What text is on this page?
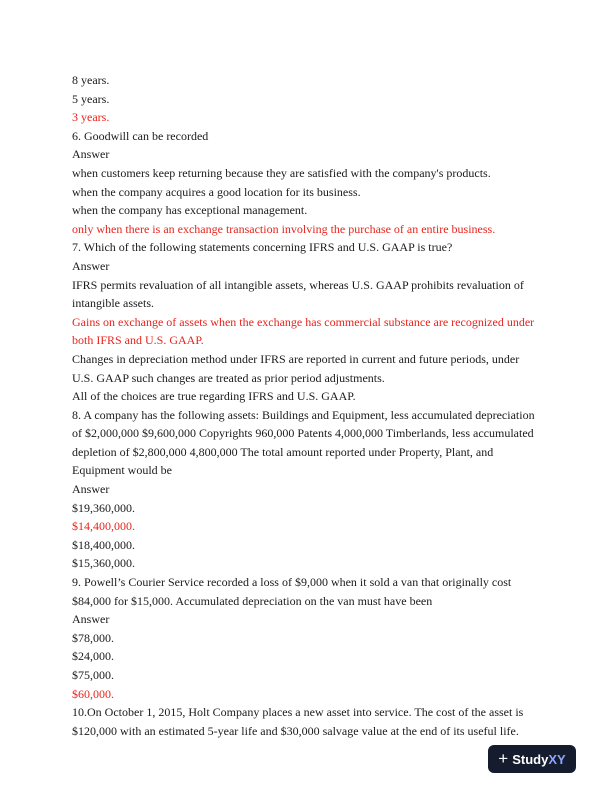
8 years.

5 years.

3 years.

6. Goodwill can be recorded

Answer

when customers keep returning because they are satisfied with the company's products.

when the company acquires a good location for its business.

when the company has exceptional management.

only when there is an exchange transaction involving the purchase of an entire business.

7. Which of the following statements concerning IFRS and U.S. GAAP is true?

Answer

IFRS permits revaluation of all intangible assets, whereas U.S. GAAP prohibits revaluation of

intangible assets.

Gains on exchange of assets when the exchange has commercial substance are recognized under

both IFRS and U.S. GAAP.

Changes in depreciation method under IFRS are reported in current and future periods, under

U.S. GAAP such changes are treated as prior period adjustments.

All of the choices are true regarding IFRS and U.S. GAAP.

8. A company has the following assets: Buildings and Equipment, less accumulated depreciation

of $2,000,000 $9,600,000 Copyrights 960,000 Patents 4,000,000 Timberlands, less accumulated

depletion of $2,800,000 4,800,000 The total amount reported under Property, Plant, and

Equipment would be

Answer

$19,360,000.

$14,400,000.

$18,400,000.

$15,360,000.

9. Powell’s Courier Service recorded a loss of $9,000 when it sold a van that originally cost

$84,000 for $15,000. Accumulated depreciation on the van must have been

Answer

$78,000.

$24,000.

$75,000.

$60,000.

10.On October 1, 2015, Holt Company places a new asset into service. The cost of the asset is

$120,000 with an estimated 5-year life and $30,000 salvage value at the end of its useful life.

+ StudyXY
